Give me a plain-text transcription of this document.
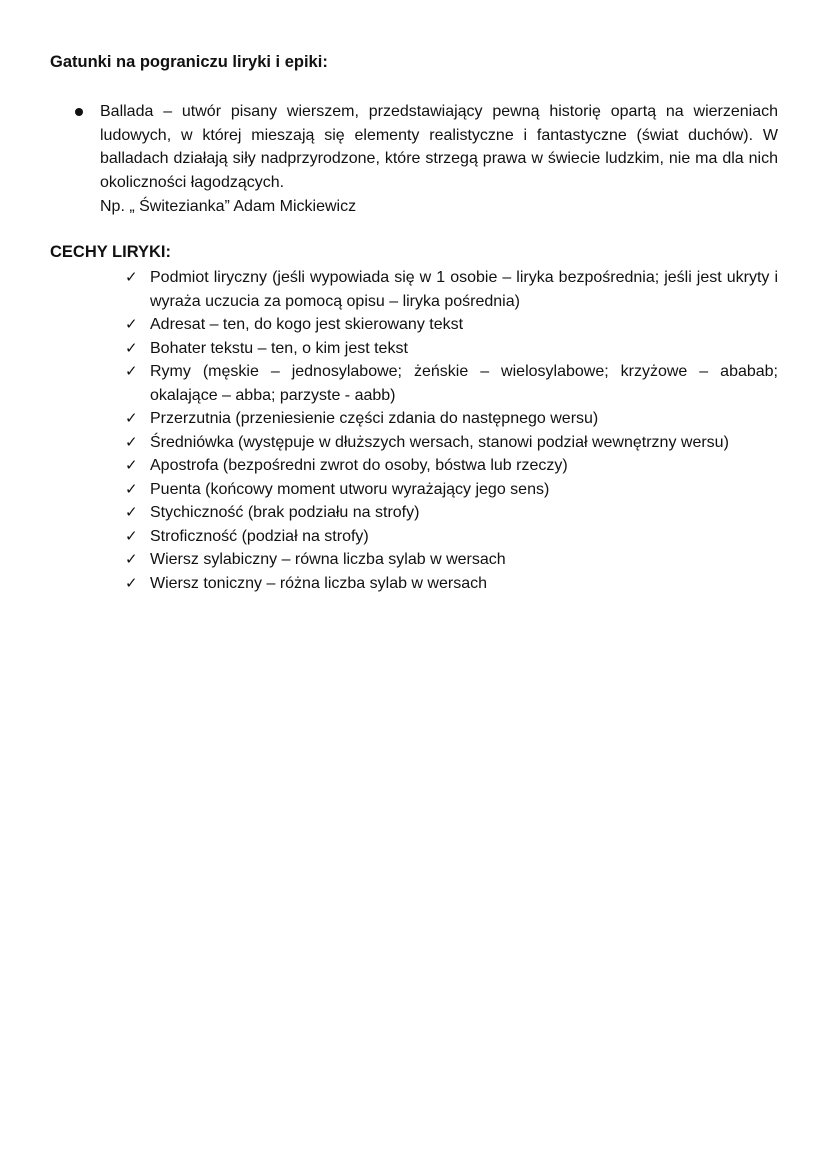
Gatunki na pograniczu liryki i epiki:
Ballada – utwór pisany wierszem, przedstawiający pewną historię opartą na wierzeniach ludowych, w której mieszają się elementy realistyczne i fantastyczne (świat duchów). W balladach działają siły nadprzyrodzone, które strzegą prawa w świecie ludzkim, nie ma dla nich okoliczności łagodzących.
Np. „ Świtezianka” Adam Mickiewicz
CECHY LIRYKI:
✓ Podmiot liryczny (jeśli wypowiada się w 1 osobie – liryka bezpośrednia; jeśli jest ukryty i wyraża uczucia za pomocą opisu – liryka pośrednia)
✓ Adresat – ten, do kogo jest skierowany tekst
✓ Bohater tekstu – ten, o kim jest tekst
✓ Rymy (męskie – jednosylabowe; żeńskie – wielosylabowe; krzyżowe – ababab; okalające – abba; parzyste - aabb)
✓ Przerzutnia (przeniesienie części zdania do następnego wersu)
✓ Średniówka (występuje w dłuższych wersach, stanowi podział wewnętrzny wersu)
✓ Apostrofa (bezpośredni zwrot do osoby, bóstwa lub rzeczy)
✓ Puenta (końcowy moment utworu wyrażający jego sens)
✓ Stychiczność (brak podziału na strofy)
✓ Stroficzność (podział na strofy)
✓ Wiersz sylabiczny – równa liczba sylab w wersach
✓ Wiersz toniczny – różna liczba sylab w wersach
